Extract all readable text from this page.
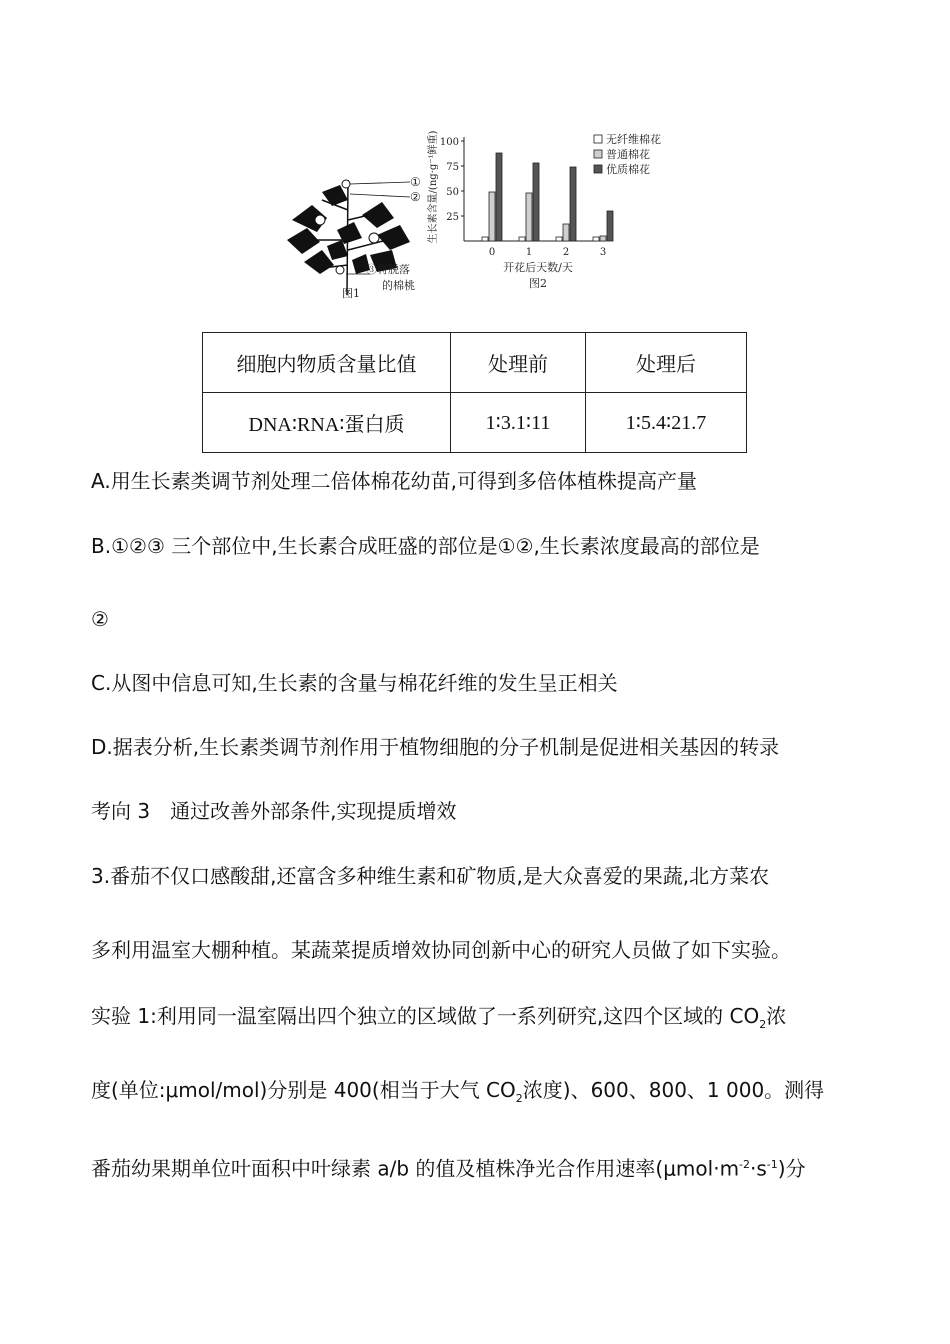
①
②
③将脱落
的棉桃
图1
25
50
75
100
0	1	2	3
生长素含量/(ng·g⁻¹鲜重)
开花后天数/天
图2
无纤维棉花
普通棉花
优质棉花
细胞内物质含量比值	处理前	处理后
DNA∶RNA∶蛋白质	1∶3.1∶11	1∶5.4∶21.7
A.用生长素类调节剂处理二倍体棉花幼苗,可得到多倍体植株提高产量
B.①②③ 三个部位中,生长素合成旺盛的部位是①②,生长素浓度最高的部位是
②
C.从图中信息可知,生长素的含量与棉花纤维的发生呈正相关
D.据表分析,生长素类调节剂作用于植物细胞的分子机制是促进相关基因的转录
考向 3　通过改善外部条件,实现提质增效
3.番茄不仅口感酸甜,还富含多种维生素和矿物质,是大众喜爱的果蔬,北方菜农
多利用温室大棚种植。某蔬菜提质增效协同创新中心的研究人员做了如下实验。
实验 1:利用同一温室隔出四个独立的区域做了一系列研究,这四个区域的 $CO_2$浓
度(单位:μmol/mol)分别是 400(相当于大气 $CO_2$浓度)、600、800、1 000。测得
番茄幼果期单位叶面积中叶绿素 a/b 的值及植株净光合作用速率$(\mu mol\cdot m^{-2}\cdot s^{-1})$分
